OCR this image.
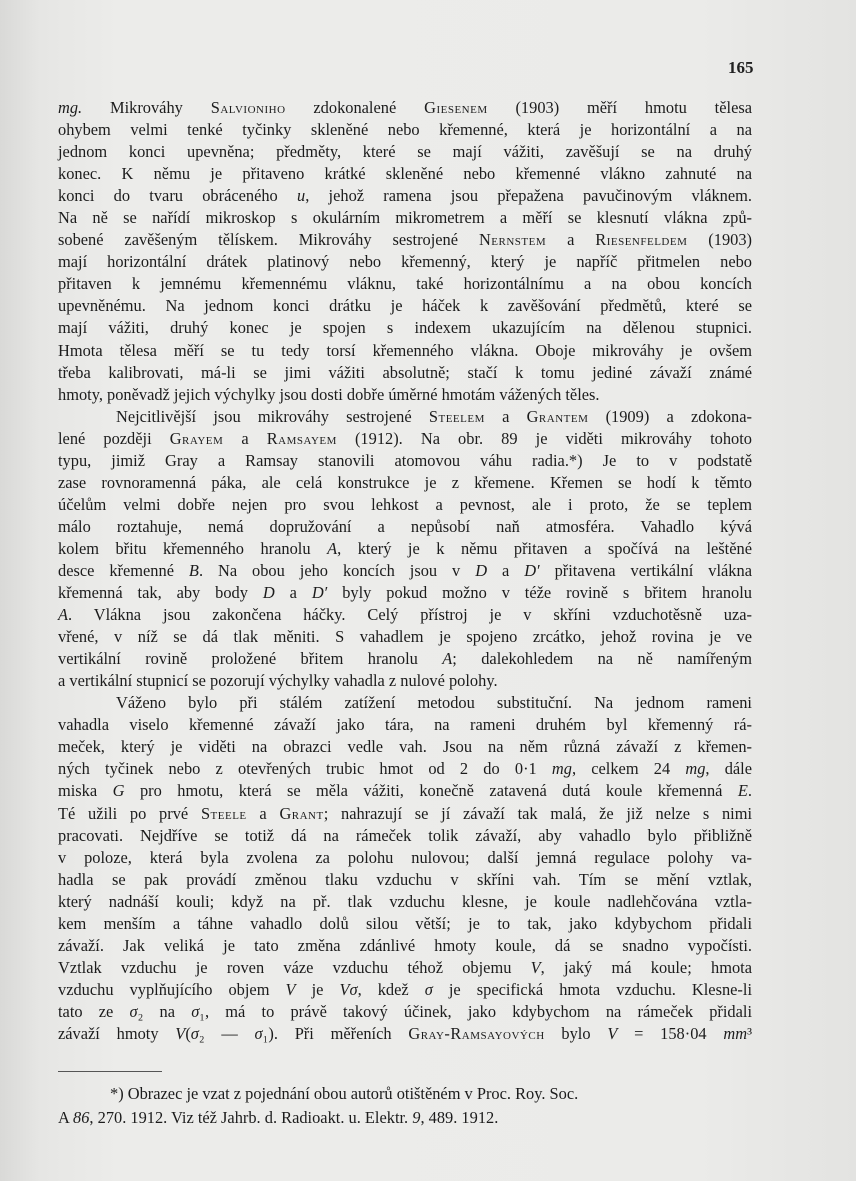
165
mg. Mikrováhy Salvioniho zdokonalené Giesenem (1903) měří hmotu tělesa
ohybem velmi tenké tyčinky skleněné nebo křemenné, která je horizontální a na
jednom konci upevněna; předměty, které se mají vážiti, zavěšují se na druhý
konec. K němu je přitaveno krátké skleněné nebo křemenné vlákno zahnuté na
konci do tvaru obráceného u, jehož ramena jsou přepažena pavučinovým vláknem.
Na ně se nařídí mikroskop s okulárním mikrometrem a měří se klesnutí vlákna způ-
sobené zavěšeným tělískem. Mikrováhy sestrojené Nernstem a Riesenfeldem (1903)
mají horizontální drátek platinový nebo křemenný, který je napříč přitmelen nebo
přitaven k jemnému křemennému vláknu, také horizontálnímu a na obou koncích
upevněnému. Na jednom konci drátku je háček k zavěšování předmětů, které se
mají vážiti, druhý konec je spojen s indexem ukazujícím na dělenou stupnici.
Hmota tělesa měří se tu tedy torsí křemenného vlákna. Oboje mikrováhy je ovšem
třeba kalibrovati, má-li se jimi vážiti absolutně; stačí k tomu jediné závaží známé
hmoty, poněvadž jejich výchylky jsou dosti dobře úměrné hmotám vážených těles.
Nejcitlivější jsou mikrováhy sestrojené Steelem a Grantem (1909) a zdokona-
lené později Grayem a Ramsayem (1912). Na obr. 89 je viděti mikrováhy tohoto
typu, jimiž Gray a Ramsay stanovili atomovou váhu radia.*) Je to v podstatě
zase rovnoramenná páka, ale celá konstrukce je z křemene. Křemen se hodí k těmto
účelům velmi dobře nejen pro svou lehkost a pevnost, ale i proto, že se teplem
málo roztahuje, nemá dopružování a nepůsobí naň atmosféra. Vahadlo kývá
kolem břitu křemenného hranolu A, který je k němu přitaven a spočívá na leštěné
desce křemenné B. Na obou jeho koncích jsou v D a D′ přitavena vertikální vlákna
křemenná tak, aby body D a D′ byly pokud možno v téže rovině s břitem hranolu
A. Vlákna jsou zakončena háčky. Celý přístroj je v skříni vzduchotěsně uza-
vřené, v níž se dá tlak měniti. S vahadlem je spojeno zrcátko, jehož rovina je ve
vertikální rovině proložené břitem hranolu A; dalekohledem na ně namířeným
a vertikální stupnicí se pozorují výchylky vahadla z nulové polohy.
Váženo bylo při stálém zatížení metodou substituční. Na jednom rameni
vahadla viselo křemenné závaží jako tára, na rameni druhém byl křemenný rá-
meček, který je viděti na obrazci vedle vah. Jsou na něm různá závaží z křemen-
ných tyčinek nebo z otevřených trubic hmot od 2 do 0·1 mg, celkem 24 mg, dále
miska G pro hmotu, která se měla vážiti, konečně zatavená dutá koule křemenná E.
Té užili po prvé Steele a Grant; nahrazují se jí závaží tak malá, že již nelze s nimi
pracovati. Nejdříve se totiž dá na rámeček tolik závaží, aby vahadlo bylo přibližně
v poloze, která byla zvolena za polohu nulovou; další jemná regulace polohy va-
hadla se pak provádí změnou tlaku vzduchu v skříni vah. Tím se mění vztlak,
který nadnáší kouli; když na př. tlak vzduchu klesne, je koule nadlehčována vztla-
kem menším a táhne vahadlo dolů silou větší; je to tak, jako kdybychom přidali
závaží. Jak veliká je tato změna zdánlivé hmoty koule, dá se snadno vypočísti.
Vztlak vzduchu je roven váze vzduchu téhož objemu V, jaký má koule; hmota
vzduchu vyplňujícího objem V je Vσ, kdež σ je specifická hmota vzduchu. Klesne-li
tato ze σ₂ na σ₁, má to právě takový účinek, jako kdybychom na rámeček přidali
závaží hmoty V(σ₂ — σ₁). Při měřeních Gray-Ramsayových bylo V = 158·04 mm³
*) Obrazec je vzat z pojednání obou autorů otištěném v Proc. Roy. Soc.
A 86, 270. 1912. Viz též Jahrb. d. Radioakt. u. Elektr. 9, 489. 1912.
